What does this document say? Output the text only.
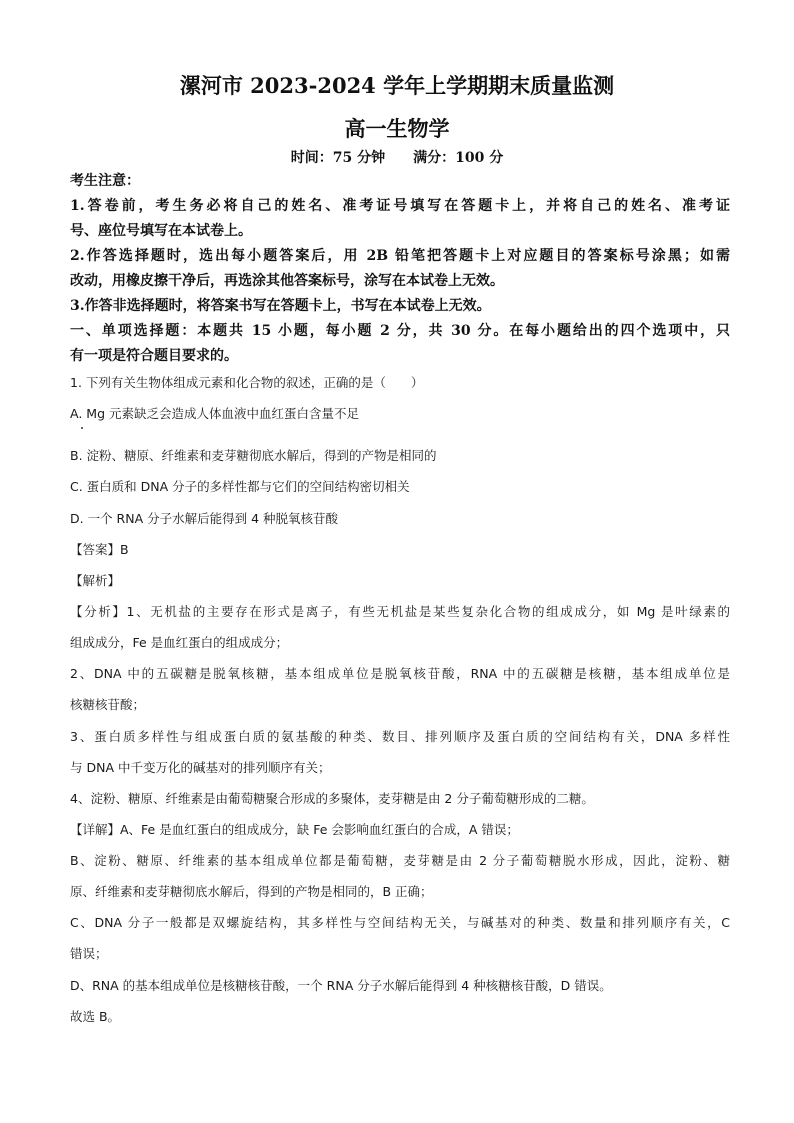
漯河市 2023-2024 学年上学期期末质量监测
高一生物学
时间：75 分钟 满分：100 分
考生注意：
1.答卷前，考生务必将自己的姓名、准考证号填写在答题卡上，并将自己的姓名、准考证
号、座位号填写在本试卷上。
2.作答选择题时，选出每小题答案后，用 2B 铅笔把答题卡上对应题目的答案标号涂黑；如需
改动，用橡皮擦干净后，再选涂其他答案标号，涂写在本试卷上无效。
3.作答非选择题时，将答案书写在答题卡上，书写在本试卷上无效。
一、单项选择题：本题共 15 小题，每小题 2 分，共 30 分。在每小题给出的四个选项中，只
有一项是符合题目要求的。
1. 下列有关生物体组成元素和化合物的叙述，正确的是（　　）
A. Mg 元素缺乏会造成人体血液中血红蛋白含量不足
B. 淀粉、糖原、纤维素和麦芽糖彻底水解后，得到的产物是相同的
C. 蛋白质和 DNA 分子的多样性都与它们的空间结构密切相关
D. 一个 RNA 分子水解后能得到 4 种脱氧核苷酸
【答案】B
【解析】
【分析】1、无机盐的主要存在形式是离子，有些无机盐是某些复杂化合物的组成成分，如 Mg 是叶绿素的
组成成分，Fe 是血红蛋白的组成成分；
2、DNA 中的五碳糖是脱氧核糖，基本组成单位是脱氧核苷酸，RNA 中的五碳糖是核糖，基本组成单位是
核糖核苷酸；
3、蛋白质多样性与组成蛋白质的氨基酸的种类、数目、排列顺序及蛋白质的空间结构有关，DNA 多样性
与 DNA 中千变万化的碱基对的排列顺序有关；
4、淀粉、糖原、纤维素是由葡萄糖聚合形成的多聚体，麦芽糖是由 2 分子葡萄糖形成的二糖。
【详解】A、Fe 是血红蛋白的组成成分，缺 Fe 会影响血红蛋白的合成，A 错误；
B、淀粉、糖原、纤维素的基本组成单位都是葡萄糖，麦芽糖是由 2 分子葡萄糖脱水形成，因此，淀粉、糖
原、纤维素和麦芽糖彻底水解后，得到的产物是相同的，B 正确；
C、DNA 分子一般都是双螺旋结构，其多样性与空间结构无关，与碱基对的种类、数量和排列顺序有关，C
错误；
D、RNA 的基本组成单位是核糖核苷酸，一个 RNA 分子水解后能得到 4 种核糖核苷酸，D 错误。
故选 B。
